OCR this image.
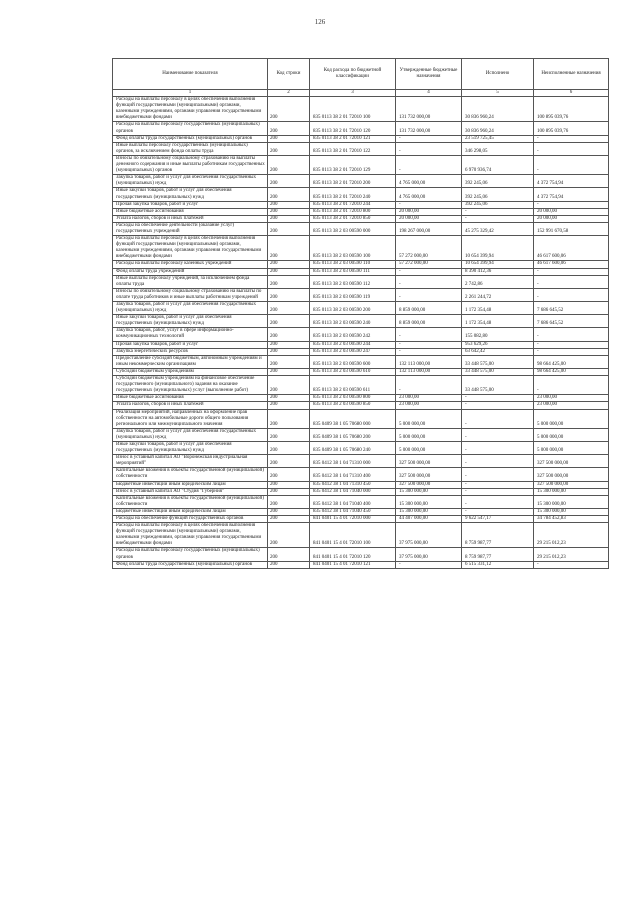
126
Наименование показателя	Код строки	Код расхода по бюджетной классификации	Утвержденные бюджетные назначения	Исполнено	Неисполненные назначения
1	2	3	4	5	6
Расходы на выплаты персоналу в целях обеспечения выполнения функций государственными (муниципальными) органами, казенными учреждениями, органами управления государственными внебюджетными фондами	200	835 0113 38 2 01 72010 100	131 732 000,00	30 836 960,24	100 895 039,76
Расходы на выплаты персоналу государственных (муниципальных) органов	200	835 0113 38 2 01 72010 120	131 732 000,00	30 836 960,24	100 895 039,76
Фонд оплаты труда государственных (муниципальных) органов	200	835 0113 38 2 01 72010 121	-	23 519 725,45	-
Иные выплаты персоналу государственных (муниципальных) органов, за исключением фонда оплаты труда	200	835 0113 38 2 01 72010 122	-	346 298,05	-
Взносы по обязательному социальному страхованию на выплаты денежного содержания и иные выплаты работникам государственных (муниципальных) органов	200	835 0113 38 2 01 72010 129	-	6 970 936,74	-
Закупка товаров, работ и услуг для обеспечения государственных (муниципальных) нужд	200	835 0113 38 2 01 72010 200	4 765 000,00	392 245,06	4 372 754,94
Иные закупки товаров, работ и услуг для обеспечения государственных (муниципальных) нужд	200	835 0113 38 2 01 72010 240	4 765 000,00	392 245,06	4 372 754,94
Прочая закупка товаров, работ и услуг	200	835 0113 38 2 01 72010 244	-	392 245,06	-
Иные бюджетные ассигнования	200	835 0113 38 2 01 72010 800	20 000,00	-	20 000,00
Уплата налогов, сборов и иных платежей	200	835 0113 38 2 01 72010 850	20 000,00	-	20 000,00
Расходы на обеспечение деятельности (оказание услуг) государственных учреждений	200	835 0113 38 2 03 00590 000	198 267 000,00	45 275 329,42	152 991 670,58
Расходы на выплаты персоналу в целях обеспечения выполнения функций государственными (муниципальными) органами, казенными учреждениями, органами управления государственными внебюджетными фондами	200	835 0113 38 2 03 00590 100	57 272 000,00	10 654 399,94	46 617 600,06
Расходы на выплаты персоналу казенных учреждений	200	835 0113 38 2 03 00590 110	57 272 000,00	10 654 399,94	46 617 600,06
Фонд оплаты труда учреждений	200	835 0113 38 2 03 00590 111	-	8 390 412,36	-
Иные выплаты персоналу учреждений, за исключением фонда оплаты труда	200	835 0113 38 2 03 00590 112	-	2 742,86	-
Взносы по обязательному социальному страхованию на выплаты по оплате труда работников и иные выплаты работникам учреждений	200	835 0113 38 2 03 00590 119	-	2 261 244,72	-
Закупка товаров, работ и услуг для обеспечения государственных (муниципальных) нужд	200	835 0113 38 2 03 00590 200	8 859 000,00	1 172 354,48	7 686 645,52
Иные закупки товаров, работ и услуг для обеспечения государственных (муниципальных) нужд	200	835 0113 38 2 03 00590 240	8 859 000,00	1 172 354,48	7 686 645,52
Закупка товаров, работ, услуг в сфере информационно-коммуникационных технологий	200	835 0113 38 2 03 00590 242	-	155 082,80	-
Прочая закупка товаров, работ и услуг	200	835 0113 38 2 03 00590 244	-	953 629,26	-
Закупка энергетических ресурсов	200	835 0113 38 2 03 00590 247	-	63 642,42	-
Предоставление субсидий бюджетным, автономным учреждениям и иным некоммерческим организациям	200	835 0113 38 2 03 00590 600	132 113 000,00	33 448 575,00	98 664 425,00
Субсидии бюджетным учреждениям	200	835 0113 38 2 03 00590 610	132 113 000,00	33 448 575,00	98 664 425,00
Субсидии бюджетным учреждениям на финансовое обеспечение государственного (муниципального) задания на оказание государственных (муниципальных) услуг (выполнение работ)	200	835 0113 38 2 03 00590 611	-	33 448 575,00	-
Иные бюджетные ассигнования	200	835 0113 38 2 03 00590 800	23 000,00	-	23 000,00
Уплата налогов, сборов и иных платежей	200	835 0113 38 2 03 00590 850	23 000,00	-	23 000,00
Реализация мероприятий, направленных на оформление прав собственности на автомобильные дороги общего пользования регионального или межмуниципального значения	200	835 0409 38 1 05 70680 000	5 000 000,00	-	5 000 000,00
Закупка товаров, работ и услуг для обеспечения государственных (муниципальных) нужд	200	835 0409 38 1 05 70680 200	5 000 000,00	-	5 000 000,00
Иные закупки товаров, работ и услуг для обеспечения государственных (муниципальных) нужд	200	835 0409 38 1 05 70680 240	5 000 000,00	-	5 000 000,00
Взнос в уставный капитал АО "Воронежская индустриальная мероприятий"	200	835 0412 38 1 04 71310 000	327 500 000,00	-	327 500 000,00
Капитальные вложения в объекты государственной (муниципальной) собственности	200	835 0412 38 1 04 71310 400	327 500 000,00	-	327 500 000,00
Бюджетные инвестиции иным юридическим лицам	200	835 0412 38 1 04 71310 450	327 500 000,00	-	327 500 000,00
Взнос в уставный капитал АО "Студия "Губерния"	200	835 0412 38 1 04 71040 000	15 300 000,00	-	15 300 000,00
Капитальные вложения в объекты государственной (муниципальной) собственности	200	835 0412 38 1 04 71040 400	15 300 000,00	-	15 300 000,00
Бюджетные инвестиции иным юридическим лицам	200	835 0412 38 1 04 71040 450	15 300 000,00	-	15 300 000,00
Расходы на обеспечение функций государственных органов	200	841 0401 15 4 01 72010 000	44 407 000,00	9 622 547,17	34 784 452,83
Расходы на выплаты персоналу в целях обеспечения выполнения функций государственными (муниципальными) органами, казенными учреждениями, органами управления государственными внебюджетными фондами	200	841 0401 15 4 01 72010 100	37 975 000,00	8 759 987,77	29 215 012,23
Расходы на выплаты персоналу государственных (муниципальных) органов	200	841 0401 15 4 01 72010 120	37 975 000,00	8 759 987,77	29 215 012,23
Фонд оплаты труда государственных (муниципальных) органов	200	841 0401 15 4 01 72010 121	-	6 515 331,12	-
